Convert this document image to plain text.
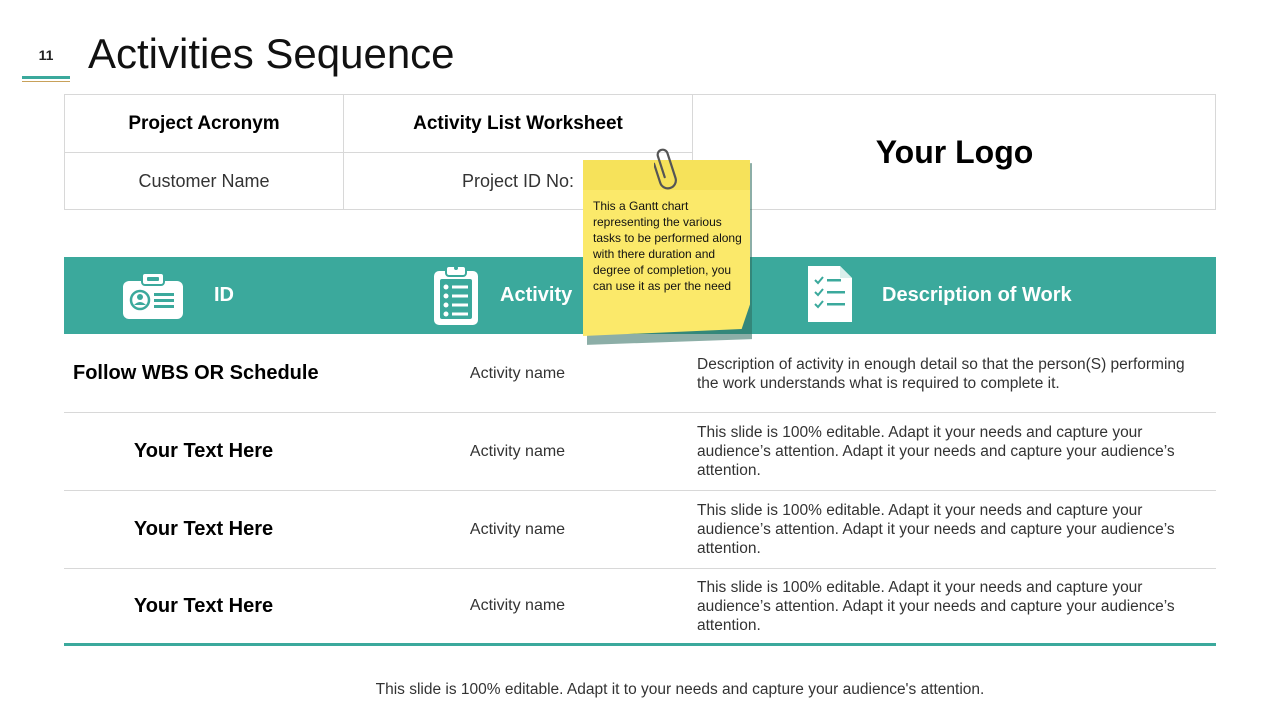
11 Activities Sequence
Project Acronym	Activity List Worksheet
Customer Name	Project ID No:
Your Logo
ID	Activity	Description of Work
Follow WBS OR Schedule	Activity name
Description of activity in enough detail so that the person(S) performing the work understands what is required to complete it.
Your Text Here	Activity name
This slide is 100% editable. Adapt it your needs and capture your audience’s attention. Adapt it your needs and capture your audience’s attention.
Your Text Here	Activity name
This slide is 100% editable. Adapt it your needs and capture your audience’s attention. Adapt it your needs and capture your audience’s attention.
Your Text Here	Activity name
This slide is 100% editable. Adapt it your needs and capture your audience’s attention. Adapt it your needs and capture your audience’s attention.
This a Gantt chart representing the various tasks to be performed along with there duration and degree of completion, you can use it as per the need
This slide is 100% editable. Adapt it to your needs and capture your audience's attention.
